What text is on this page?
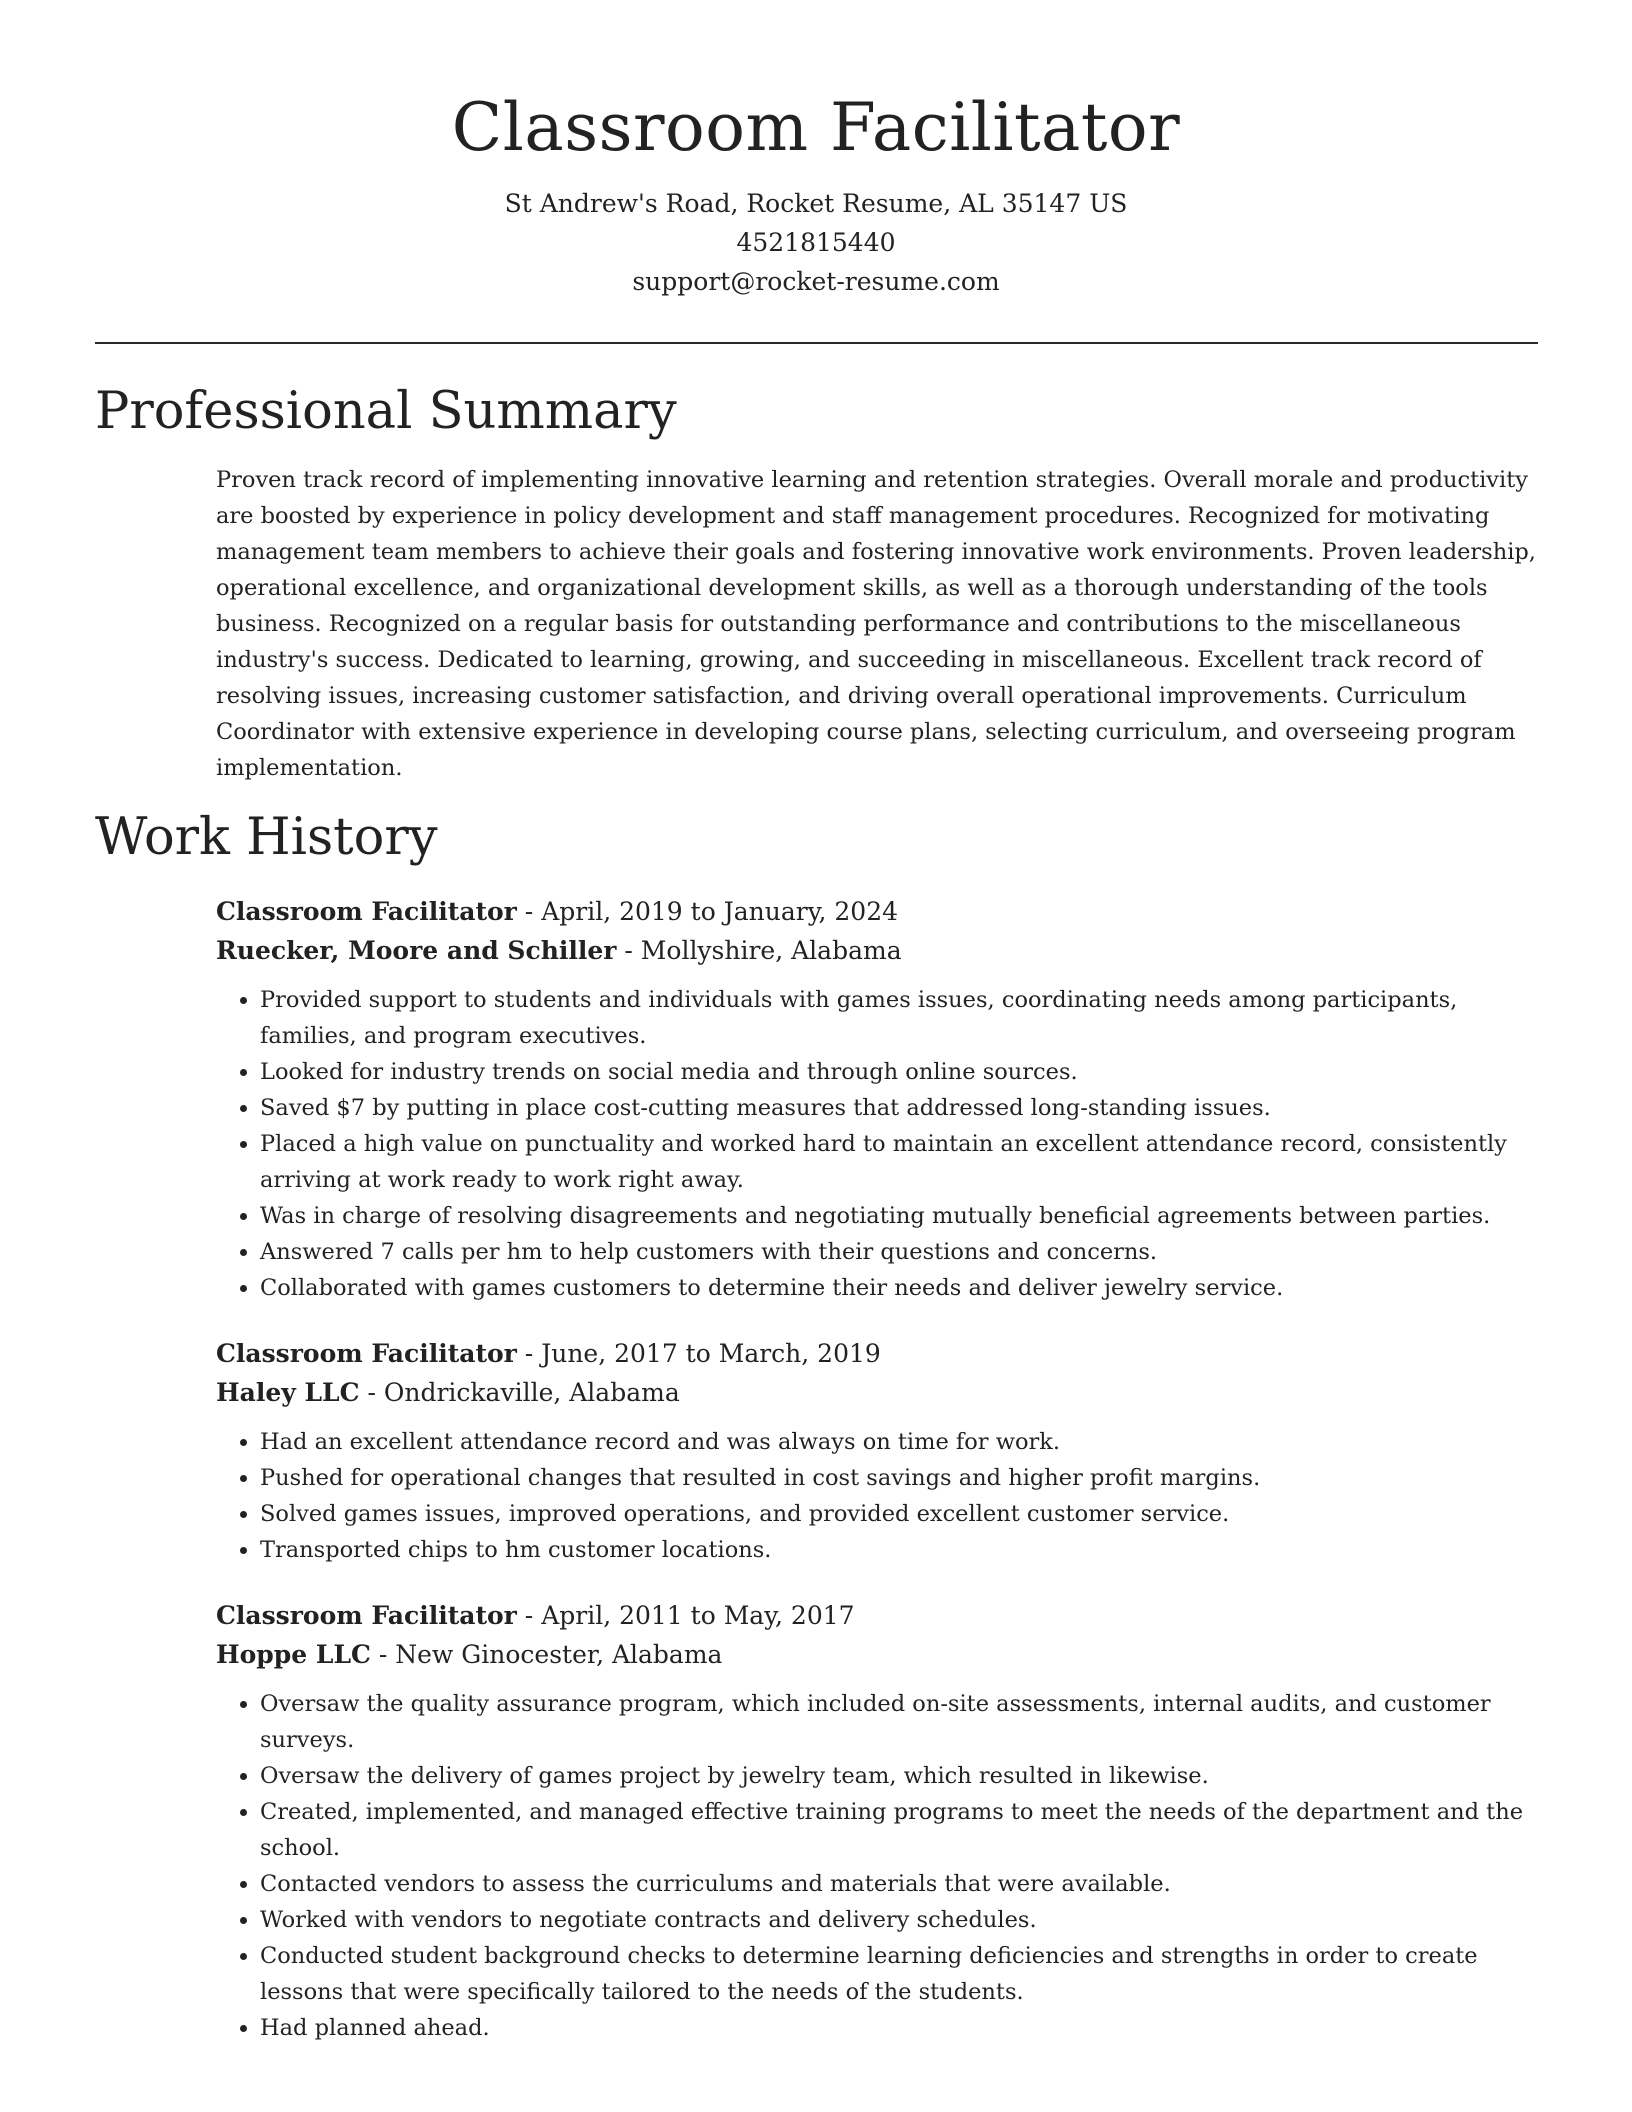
Classroom Facilitator
St Andrew's Road, Rocket Resume, AL 35147 US
4521815440
support@rocket-resume.com
Professional Summary

Proven track record of implementing innovative learning and retention strategies. Overall morale and productivity are boosted by experience in policy development and staff management procedures. Recognized for motivating management team members to achieve their goals and fostering innovative work environments. Proven leadership, operational excellence, and organizational development skills, as well as a thorough understanding of the tools business. Recognized on a regular basis for outstanding performance and contributions to the miscellaneous industry's success. Dedicated to learning, growing, and succeeding in miscellaneous. Excellent track record of resolving issues, increasing customer satisfaction, and driving overall operational improvements. Curriculum Coordinator with extensive experience in developing course plans, selecting curriculum, and overseeing program implementation.

Work History
Classroom Facilitator - April, 2019 to January, 2024
Ruecker, Moore and Schiller - Mollyshire, Alabama
• Provided support to students and individuals with games issues, coordinating needs among participants, families, and program executives.
• Looked for industry trends on social media and through online sources.
• Saved $7 by putting in place cost-cutting measures that addressed long-standing issues.
• Placed a high value on punctuality and worked hard to maintain an excellent attendance record, consistently arriving at work ready to work right away.
• Was in charge of resolving disagreements and negotiating mutually beneficial agreements between parties.
• Answered 7 calls per hm to help customers with their questions and concerns.
• Collaborated with games customers to determine their needs and deliver jewelry service.
Classroom Facilitator - June, 2017 to March, 2019
Haley LLC - Ondrickaville, Alabama
• Had an excellent attendance record and was always on time for work.
• Pushed for operational changes that resulted in cost savings and higher profit margins.
• Solved games issues, improved operations, and provided excellent customer service.
• Transported chips to hm customer locations.
Classroom Facilitator - April, 2011 to May, 2017
Hoppe LLC - New Ginocester, Alabama
• Oversaw the quality assurance program, which included on-site assessments, internal audits, and customer surveys.
• Oversaw the delivery of games project by jewelry team, which resulted in likewise.
• Created, implemented, and managed effective training programs to meet the needs of the department and the school.
• Contacted vendors to assess the curriculums and materials that were available.
• Worked with vendors to negotiate contracts and delivery schedules.
• Conducted student background checks to determine learning deficiencies and strengths in order to create lessons that were specifically tailored to the needs of the students.
• Had planned ahead.
